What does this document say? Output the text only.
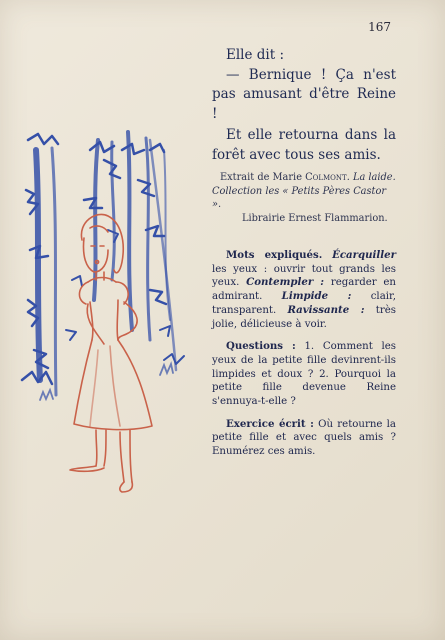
167

Elle dit :

— Bernique ! Ça n'est pas amusant d'être Reine !

Et elle retourna dans la forêt avec tous ses amis.

Extrait de Marie Colmont. La laide. Collection les « Petits Pères Castor ».
Librairie Ernest Flammarion.

Mots expliqués. Écarquiller les yeux : ouvrir tout grands les yeux. Contempler : regarder en admirant. Limpide : clair, transparent. Ravissante : très jolie, délicieuse à voir.

Questions : 1. Comment les yeux de la petite fille devinrent-ils limpides et doux ? 2. Pourquoi la petite fille devenue Reine s'ennuya-t-elle ?

Exercice écrit : Où retourne la petite fille et avec quels amis ? Enumérez ces amis.
